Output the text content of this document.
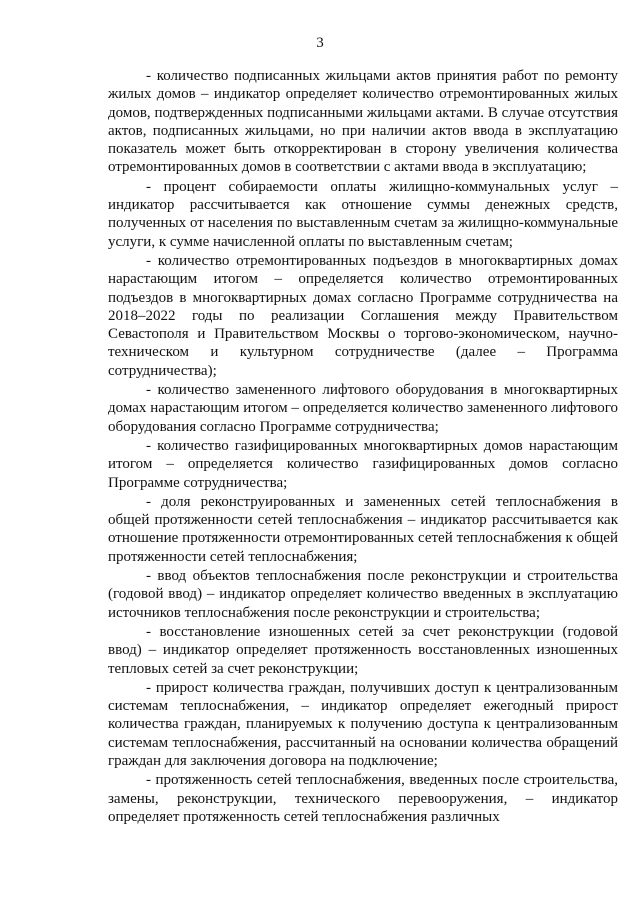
3

- количество подписанных жильцами актов принятия работ по ремонту жилых домов – индикатор определяет количество отремонтированных жилых домов, подтвержденных подписанными жильцами актами. В случае отсутствия актов, подписанных жильцами, но при наличии актов ввода в эксплуатацию показатель может быть откорректирован в сторону увеличения количества отремонтированных домов в соответствии с актами ввода в эксплуатацию;

- процент собираемости оплаты жилищно-коммунальных услуг – индикатор рассчитывается как отношение суммы денежных средств, полученных от населения по выставленным счетам за жилищно-коммунальные услуги, к сумме начисленной оплаты по выставленным счетам;

- количество отремонтированных подъездов в многоквартирных домах нарастающим итогом – определяется количество отремонтированных подъездов в многоквартирных домах согласно Программе сотрудничества на 2018–2022 годы по реализации Соглашения между Правительством Севастополя и Правительством Москвы о торгово-экономическом, научно-техническом и культурном сотрудничестве (далее – Программа сотрудничества);

- количество замененного лифтового оборудования в многоквартирных домах нарастающим итогом – определяется количество замененного лифтового оборудования согласно Программе сотрудничества;

- количество газифицированных многоквартирных домов нарастающим итогом – определяется количество газифицированных домов согласно Программе сотрудничества;

- доля реконструированных и замененных сетей теплоснабжения в общей протяженности сетей теплоснабжения – индикатор рассчитывается как отношение протяженности отремонтированных сетей теплоснабжения к общей протяженности сетей теплоснабжения;

- ввод объектов теплоснабжения после реконструкции и строительства (годовой ввод) – индикатор определяет количество введенных в эксплуатацию источников теплоснабжения после реконструкции и строительства;

- восстановление изношенных сетей за счет реконструкции (годовой ввод) – индикатор определяет протяженность восстановленных изношенных тепловых сетей за счет реконструкции;

- прирост количества граждан, получивших доступ к централизованным системам теплоснабжения, – индикатор определяет ежегодный прирост количества граждан, планируемых к получению доступа к централизованным системам теплоснабжения, рассчитанный на основании количества обращений граждан для заключения договора на подключение;

- протяженность сетей теплоснабжения, введенных после строительства, замены, реконструкции, технического перевооружения, – индикатор определяет протяженность сетей теплоснабжения различных
